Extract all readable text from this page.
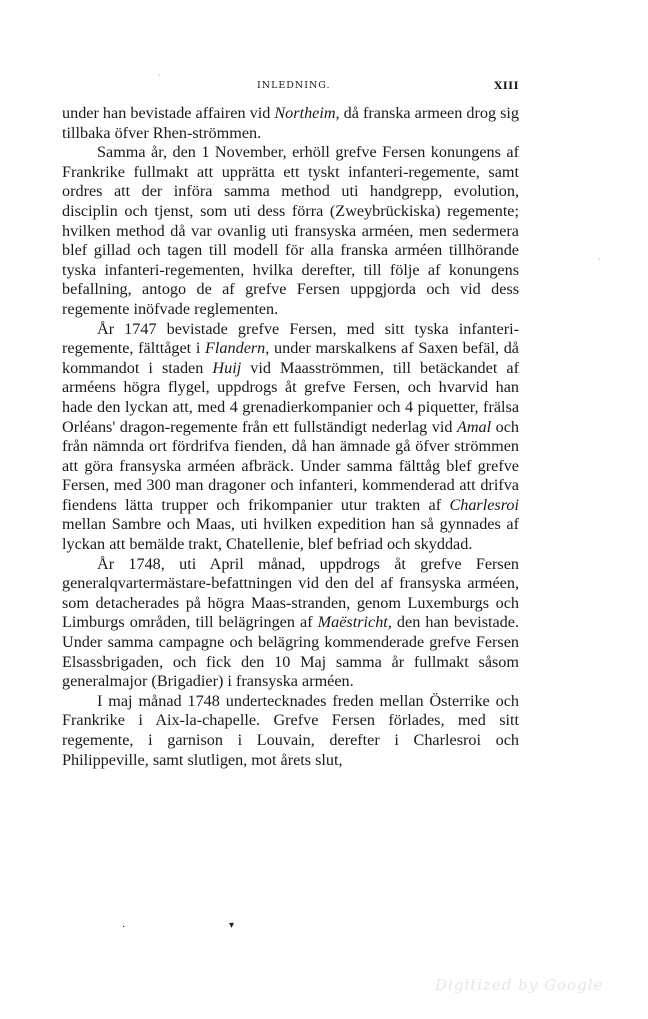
INLEDNING.	XIII
ʹ
ʹ

under han bevistade affairen vid Northeim, då franska armeen drog sig tillbaka öfver Rhen-strömmen.

Samma år, den 1 November, erhöll grefve Fersen konungens af Frankrike fullmakt att upprätta ett tyskt infanteri-regemente, samt ordres att der införa samma method uti handgrepp, evolution, disciplin och tjenst, som uti dess förra (Zweybrückiska) regemente; hvilken method då var ovanlig uti fransyska arméen, men sedermera blef gillad och tagen till modell för alla franska arméen tillhörande tyska infanteri-regementen, hvilka derefter, till följe af konungens befallning, antogo de af grefve Fersen uppgjorda och vid dess regemente inöfvade reglementen.

År 1747 bevistade grefve Fersen, med sitt tyska infanteri-regemente, fälttåget i Flandern, under marskalkens af Saxen befäl, då kommandot i staden Huij vid Maasströmmen, till betäckandet af arméens högra flygel, uppdrogs åt grefve Fersen, och hvarvid han hade den lyckan att, med 4 grenadierkompanier och 4 piquetter, frälsa Orléans' dragon-regemente från ett fullständigt nederlag vid Amal och från nämnda ort fördrifva fienden, då han ämnade gå öfver strömmen att göra fransyska arméen afbräck. Under samma fälttåg blef grefve Fersen, med 300 man dragoner och infanteri, kommenderad att drifva fiendens lätta trupper och frikompanier utur trakten af Charlesroi mellan Sambre och Maas, uti hvilken expedition han så gynnades af lyckan att bemälde trakt, Chatellenie, blef befriad och skyddad.

År 1748, uti April månad, uppdrogs åt grefve Fersen generalqvartermästare-befattningen vid den del af fransyska arméen, som detacherades på högra Maas-stranden, genom Luxemburgs och Limburgs områden, till belägringen af Maëstricht, den han bevistade. Under samma campagne och belägring kommenderade grefve Fersen Elsassbrigaden, och fick den 10 Maj samma år fullmakt såsom generalmajor (Brigadier) i fransyska arméen.

I maj månad 1748 undertecknades freden mellan Österrike och Frankrike i Aix-la-chapelle. Grefve Fersen förlades, med sitt regemente, i garnison i Louvain, derefter i Charlesroi och Philippeville, samt slutligen, mot årets slut,

·	▾
Digitized by Google
